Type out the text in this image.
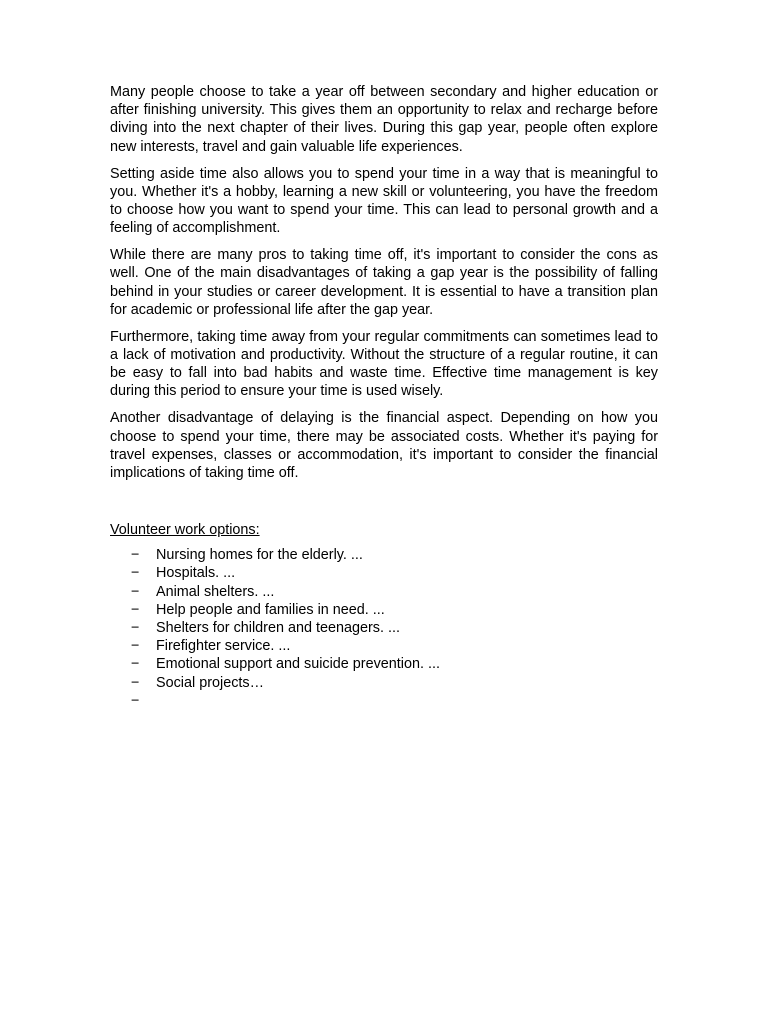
Many people choose to take a year off between secondary and higher education or after finishing university. This gives them an opportunity to relax and recharge before diving into the next chapter of their lives. During this gap year, people often explore new interests, travel and gain valuable life experiences.

Setting aside time also allows you to spend your time in a way that is meaningful to you. Whether it's a hobby, learning a new skill or volunteering, you have the freedom to choose how you want to spend your time. This can lead to personal growth and a feeling of accomplishment.

While there are many pros to taking time off, it's important to consider the cons as well. One of the main disadvantages of taking a gap year is the possibility of falling behind in your studies or career development. It is essential to have a transition plan for academic or professional life after the gap year.

Furthermore, taking time away from your regular commitments can sometimes lead to a lack of motivation and productivity. Without the structure of a regular routine, it can be easy to fall into bad habits and waste time. Effective time management is key during this period to ensure your time is used wisely.

Another disadvantage of delaying is the financial aspect. Depending on how you choose to spend your time, there may be associated costs. Whether it's paying for travel expenses, classes or accommodation, it's important to consider the financial implications of taking time off.

Volunteer work options:
− Nursing homes for the elderly. ...
− Hospitals. ...
− Animal shelters. ...
− Help people and families in need. ...
− Shelters for children and teenagers. ...
− Firefighter service. ...
− Emotional support and suicide prevention. ...
− Social projects…
−
